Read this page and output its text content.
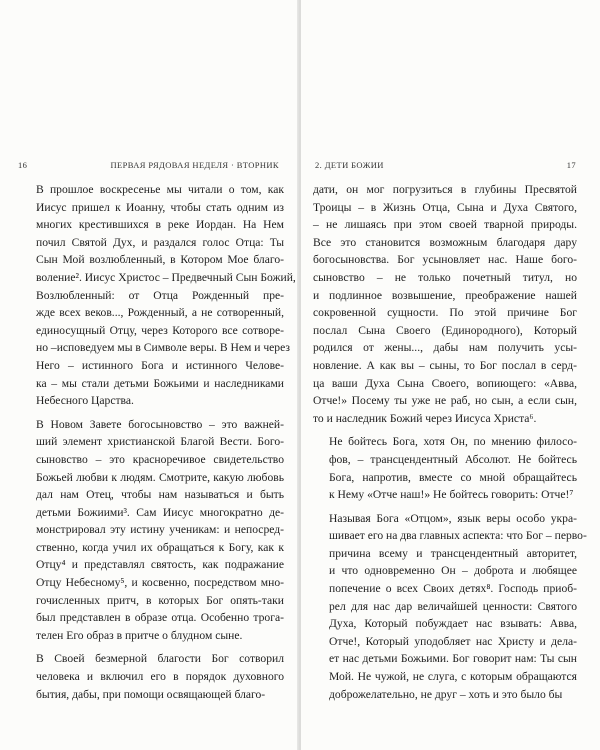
16	ПЕРВАЯ РЯДОВАЯ НЕДЕЛЯ · ВТОРНИК

В прошлое воскресенье мы читали о том, как
Иисус пришел к Иоанну, чтобы стать одним из
многих крестившихся в реке Иордан. На Нем
почил Святой Дух, и раздался голос Отца: Ты
Сын Мой возлюбленный, в Котором Мое благо-
воление². Иисус Христос – Предвечный Сын Божий,
Возлюбленный: от Отца Рожденный пре-
жде всех веков..., Рожденный, а не сотворенный,
единосущный Отцу, через Которого все сотворе-
но –исповедуем мы в Символе веры. В Нем и через
Него – истинного Бога и истинного Челове-
ка – мы стали детьми Божьими и наследниками
Небесного Царства.

В Новом Завете богосыновство – это важней-
ший элемент христианской Благой Вести. Бого-
сыновство – это красноречивое свидетельство
Божьей любви к людям. Смотрите, какую любовь
дал нам Отец, чтобы нам называться и быть
детьми Божиими³. Сам Иисус многократно де-
монстрировал эту истину ученикам: и непосред-
ственно, когда учил их обращаться к Богу, как к
Отцу⁴ и представлял святость, как подражание
Отцу Небесному⁵, и косвенно, посредством мно-
гочисленных притч, в которых Бог опять-таки
был представлен в образе отца. Особенно трога-
телен Его образ в притче о блудном сыне.

В Своей безмерной благости Бог сотворил
человека и включил его в порядок духовного
бытия, дабы, при помощи освящающей благо-

2. ДЕТИ БОЖИИ	17

дати, он мог погрузиться в глубины Пресвятой
Троицы – в Жизнь Отца, Сына и Духа Святого,
– не лишаясь при этом своей тварной природы.
Все это становится возможным благодаря дару
богосыновства. Бог усыновляет нас. Наше бого-
сыновство – не только почетный титул, но
и подлинное возвышение, преображение нашей
сокровенной сущности. По этой причине Бог
послал Сына Своего (Единородного), Который
родился от жены..., дабы нам получить усы-
новление. А как вы – сыны, то Бог послал в серд-
ца ваши Духа Сына Своего, вопиющего: «Авва,
Отче!» Посему ты уже не раб, но сын, а если сын,
то и наследник Божий через Иисуса Христа⁶.

Не бойтесь Бога, хотя Он, по мнению филосо-
фов, – трансцендентный Абсолют. Не бойтесь
Бога, напротив, вместе со мной обращайтесь
к Нему «Отче наш!» Не бойтесь говорить: Отче!⁷

Называя Бога «Отцом», язык веры особо укра-
шивает его на два главных аспекта: что Бог – перво-
причина всему и трансцендентный авторитет,
и что одновременно Он – доброта и любящее
попечение о всех Своих детях⁸. Господь приоб-
рел для нас дар величайшей ценности: Святого
Духа, Который побуждает нас взывать: Авва,
Отче!, Который уподобляет нас Христу и дела-
ет нас детьми Божьими. Бог говорит нам: Ты сын
Мой. Не чужой, не слуга, с которым обращаются
доброжелательно, не друг – хоть и это было бы
